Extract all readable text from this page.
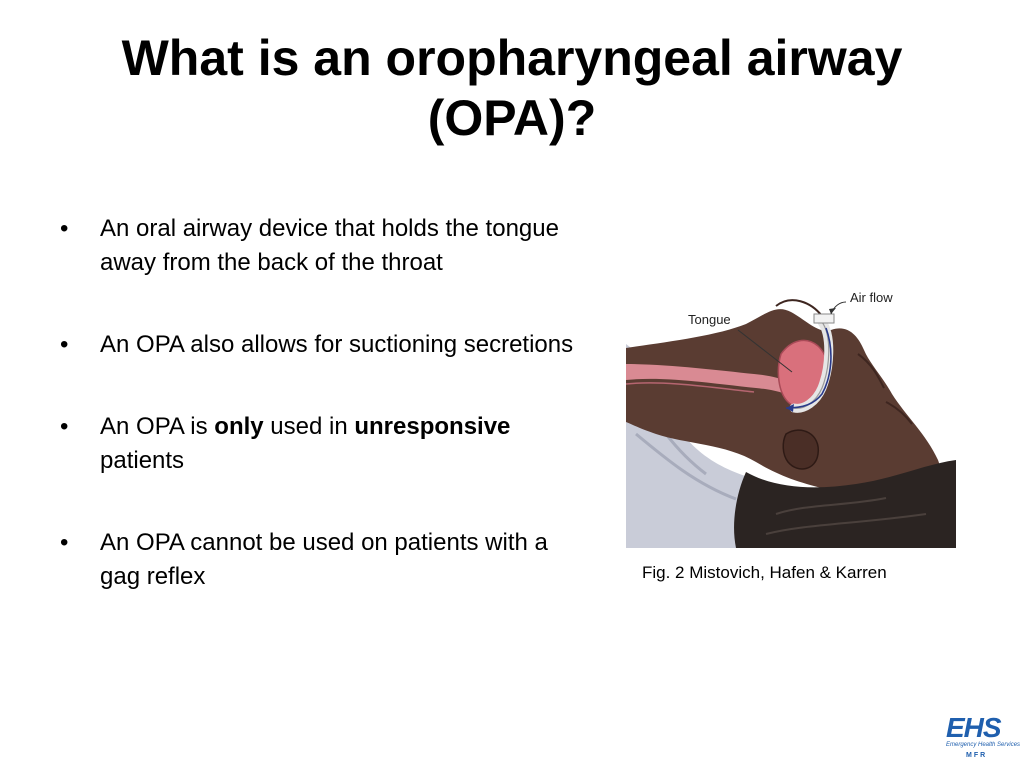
What is an oropharyngeal airway (OPA)?
• An oral airway device that holds the tongue away from the back of the throat
• An OPA also allows for suctioning secretions
• An OPA is only used in unresponsive patients
• An OPA cannot be used on patients with a gag reflex
Tongue
Air flow
Fig. 2 Mistovich, Hafen & Karren
EHS
Emergency Health Services
MFR
